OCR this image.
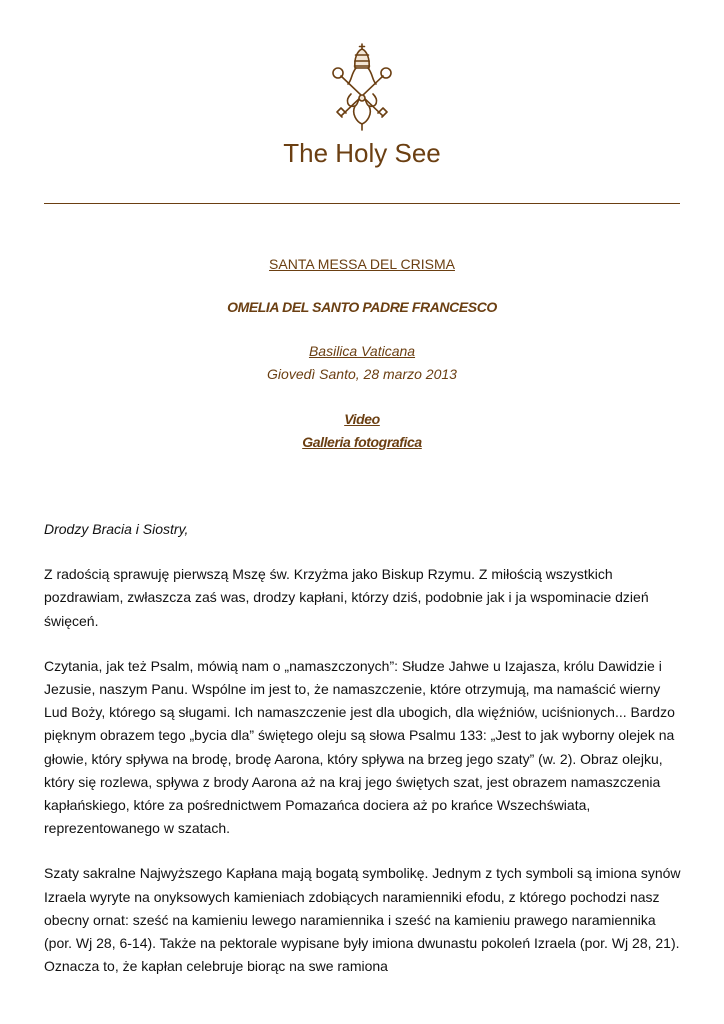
The Holy See
SANTA MESSA DEL CRISMA
OMELIA DEL SANTO PADRE FRANCESCO
Basilica Vaticana
Giovedì Santo, 28 marzo 2013
Video
Galleria fotografica

Drodzy Bracia i Siostry,

Z radością sprawuję pierwszą Mszę św. Krzyżma jako Biskup Rzymu. Z miłością wszystkich pozdrawiam, zwłaszcza zaś was, drodzy kapłani, którzy dziś, podobnie jak i ja wspominacie dzień święceń.

Czytania, jak też Psalm, mówią nam o „namaszczonych”: Słudze Jahwe u Izajasza, królu Dawidzie i Jezusie, naszym Panu. Wspólne im jest to, że namaszczenie, które otrzymują, ma namaścić wierny Lud Boży, którego są sługami. Ich namaszczenie jest dla ubogich, dla więźniów, uciśnionych... Bardzo pięknym obrazem tego „bycia dla” świętego oleju są słowa Psalmu 133: „Jest to jak wyborny olejek na głowie, który spływa na brodę, brodę Aarona, który spływa na brzeg jego szaty” (w. 2). Obraz olejku, który się rozlewa, spływa z brody Aarona aż na kraj jego świętych szat, jest obrazem namaszczenia kapłańskiego, które za pośrednictwem Pomazańca dociera aż po krańce Wszechświata, reprezentowanego w szatach.

Szaty sakralne Najwyższego Kapłana mają bogatą symbolikę. Jednym z tych symboli są imiona synów Izraela wyryte na onyksowych kamieniach zdobiących naramienniki efodu, z którego pochodzi nasz obecny ornat: sześć na kamieniu lewego naramiennika i sześć na kamieniu prawego naramiennika (por. Wj 28, 6-14). Także na pektorale wypisane były imiona dwunastu pokoleń Izraela (por. Wj 28, 21). Oznacza to, że kapłan celebruje biorąc na swe ramiona
